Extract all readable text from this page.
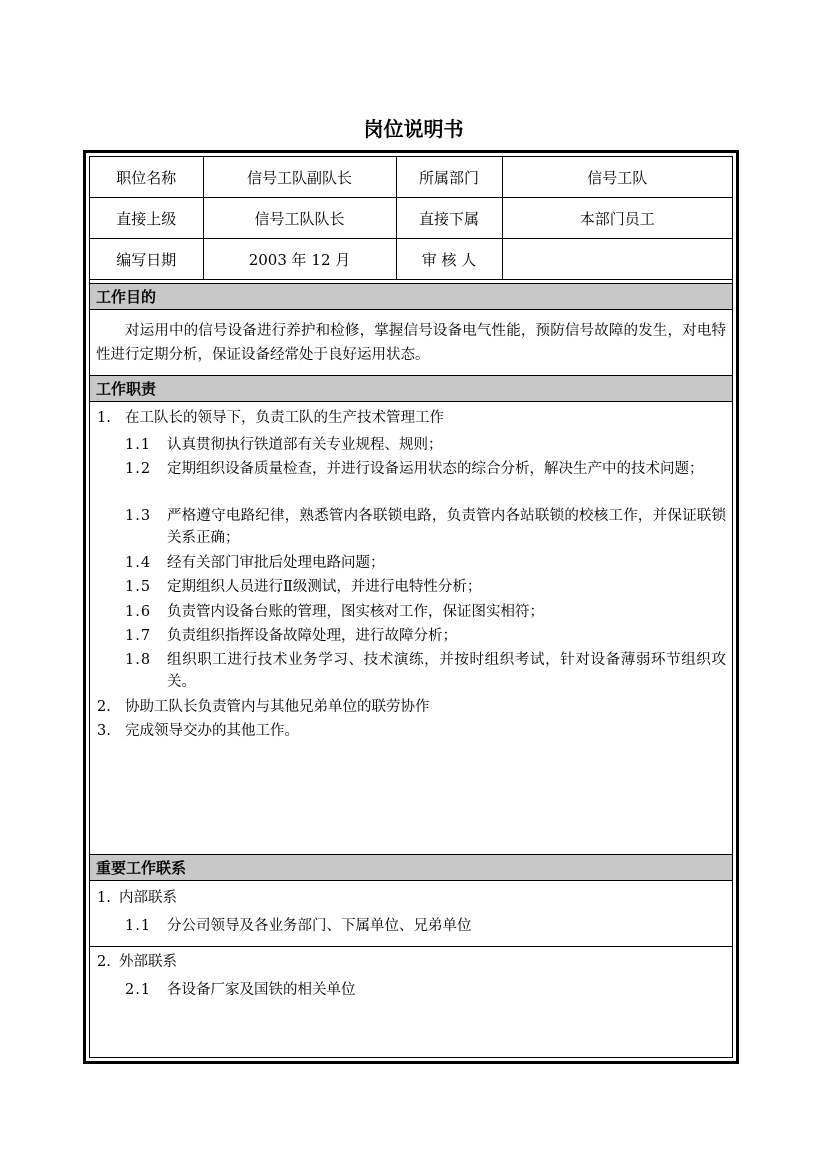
岗位说明书
职位名称	信号工队副队长	所属部门	信号工队
直接上级	信号工队队长	直接下属	本部门员工
编写日期	2003 年 12 月	审 核 人	
工作目的
对运用中的信号设备进行养护和检修，掌握信号设备电气性能，预防信号故障的发生，对电特性进行定期分析，保证设备经常处于良好运用状态。
工作职责
1. 在工队长的领导下，负责工队的生产技术管理工作
1.1	认真贯彻执行铁道部有关专业规程、规则；
1.2	定期组织设备质量检查，并进行设备运用状态的综合分析，解决生产中的技术问题；
1.3	严格遵守电路纪律，熟悉管内各联锁电路，负责管内各站联锁的校核工作，并保证联锁关系正确；
1.4	经有关部门审批后处理电路问题；
1.5	定期组织人员进行Ⅱ级测试，并进行电特性分析；
1.6	负责管内设备台账的管理，图实核对工作，保证图实相符；
1.7	负责组织指挥设备故障处理，进行故障分析；
1.8	组织职工进行技术业务学习、技术演练，并按时组织考试，针对设备薄弱环节组织攻关。
2. 协助工队长负责管内与其他兄弟单位的联劳协作
3. 完成领导交办的其他工作。
重要工作联系
1. 内部联系
1.1	分公司领导及各业务部门、下属单位、兄弟单位
2. 外部联系
2.1	各设备厂家及国铁的相关单位
